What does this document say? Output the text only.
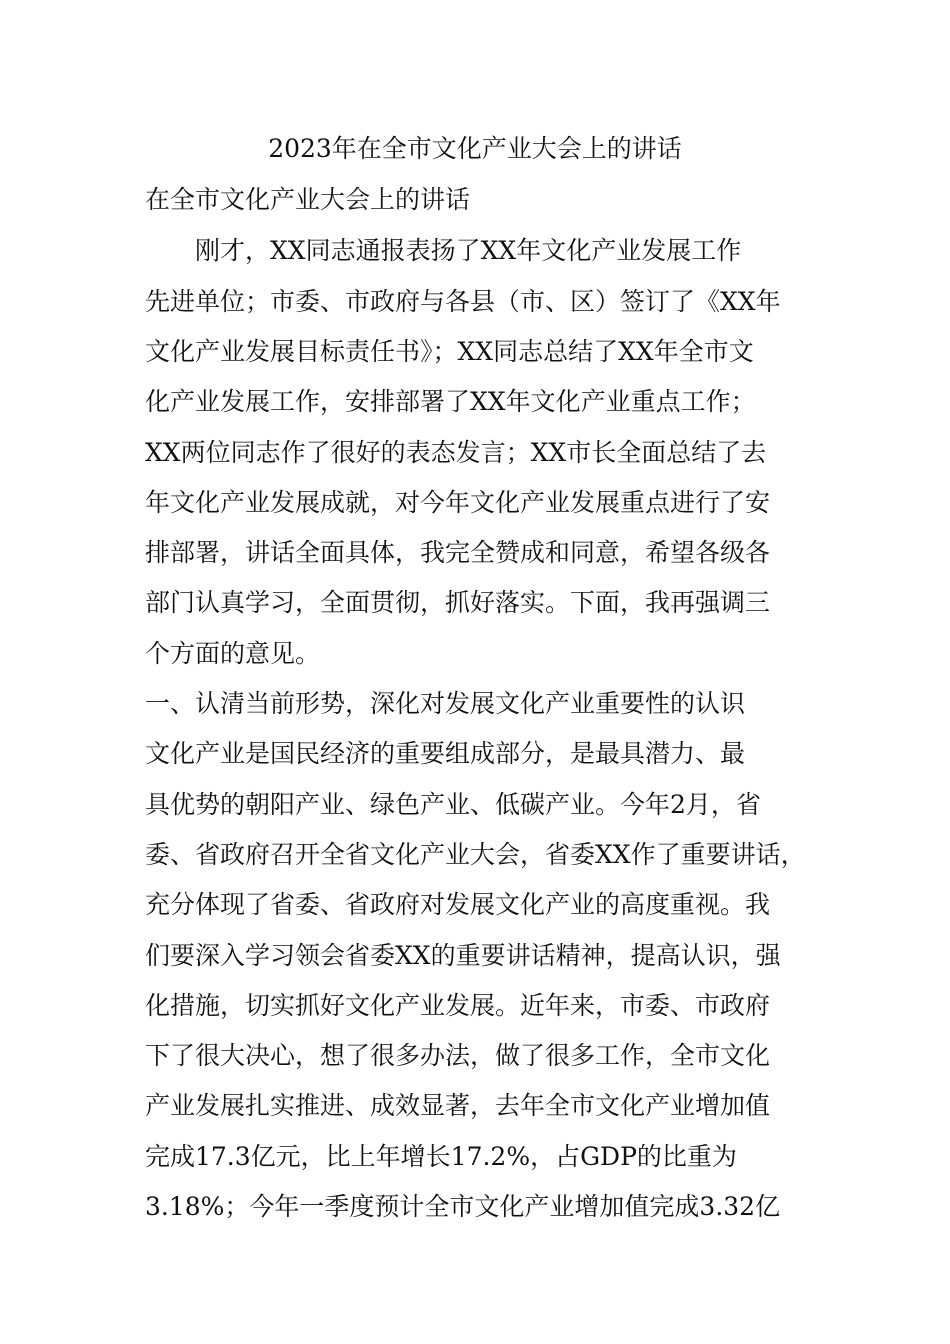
2023年在全市文化产业大会上的讲话
在全市文化产业大会上的讲话
　　刚才，XX同志通报表扬了XX年文化产业发展工作
先进单位；市委、市政府与各县（市、区）签订了《XX年
文化产业发展目标责任书》；XX同志总结了XX年全市文
化产业发展工作，安排部署了XX年文化产业重点工作；
XX两位同志作了很好的表态发言；XX市长全面总结了去
年文化产业发展成就，对今年文化产业发展重点进行了安
排部署，讲话全面具体，我完全赞成和同意，希望各级各
部门认真学习，全面贯彻，抓好落实。下面，我再强调三
个方面的意见。
一、认清当前形势，深化对发展文化产业重要性的认识
文化产业是国民经济的重要组成部分，是最具潜力、最
具优势的朝阳产业、绿色产业、低碳产业。今年2月，省
委、省政府召开全省文化产业大会，省委XX作了重要讲话，
充分体现了省委、省政府对发展文化产业的高度重视。我
们要深入学习领会省委XX的重要讲话精神，提高认识，强
化措施，切实抓好文化产业发展。近年来，市委、市政府
下了很大决心，想了很多办法，做了很多工作，全市文化
产业发展扎实推进、成效显著，去年全市文化产业增加值
完成17.3亿元，比上年增长17.2%，占GDP的比重为
3.18%；今年一季度预计全市文化产业增加值完成3.32亿
